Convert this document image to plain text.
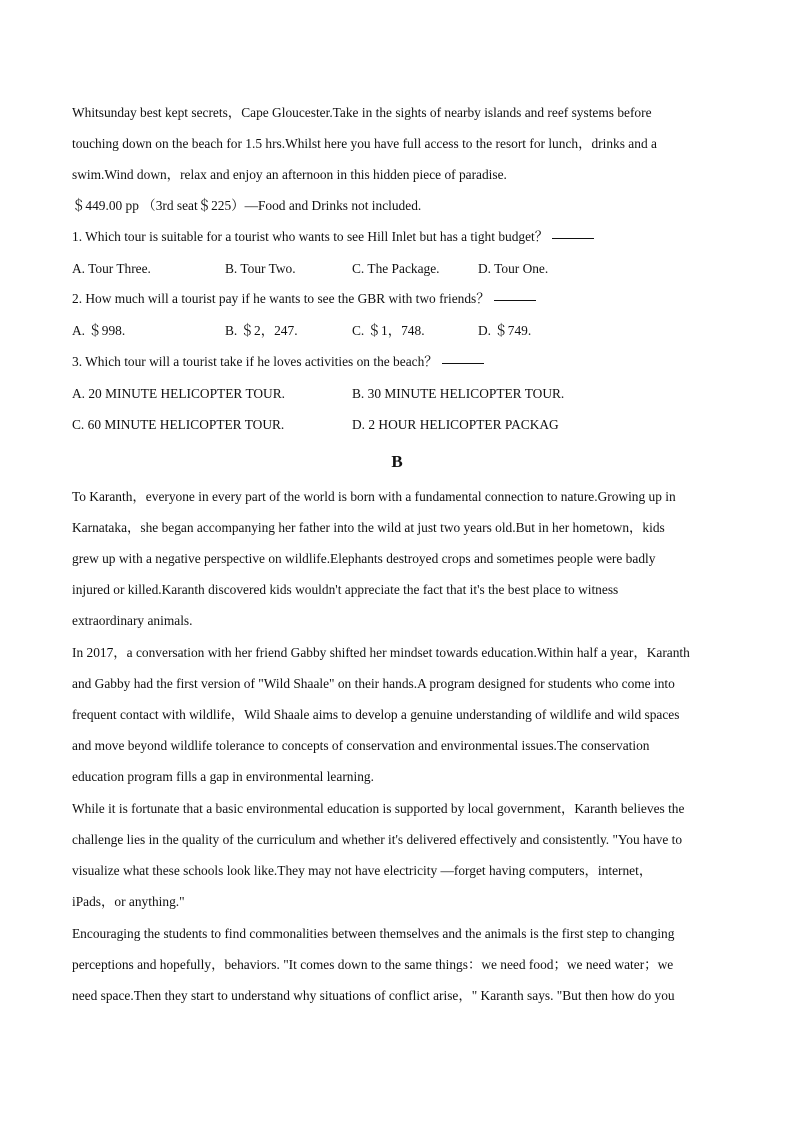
Whitsunday best kept secrets，Cape Gloucester.Take in the sights of nearby islands and reef systems before
touching down on the beach for 1.5 hrs.Whilst here you have full access to the resort for lunch，drinks and a
swim.Wind down，relax and enjoy an afternoon in this hidden piece of paradise.
＄449.00 pp （3rd seat＄225）—Food and Drinks not included.
1. Which tour is suitable for a tourist who wants to see Hill Inlet but has a tight budget？
A. Tour Three.	B. Tour Two.	C. The Package.	D. Tour One.
2. How much will a tourist pay if he wants to see the GBR with two friends？
A. ＄998.	B. ＄2，247.	C. ＄1，748.	D. ＄749.
3. Which tour will a tourist take if he loves activities on the beach？
A. 20 MINUTE HELICOPTER TOUR.	B. 30 MINUTE HELICOPTER TOUR.
C. 60 MINUTE HELICOPTER TOUR.	D. 2 HOUR HELICOPTER PACKAG
B
To Karanth，everyone in every part of the world is born with a fundamental connection to nature.Growing up in
Karnataka，she began accompanying her father into the wild at just two years old.But in her hometown，kids
grew up with a negative perspective on wildlife.Elephants destroyed crops and sometimes people were badly
injured or killed.Karanth discovered kids wouldn't appreciate the fact that it's the best place to witness
extraordinary animals.
In 2017，a conversation with her friend Gabby shifted her mindset towards education.Within half a year，Karanth
and Gabby had the first version of "Wild Shaale" on their hands.A program designed for students who come into
frequent contact with wildlife，Wild Shaale aims to develop a genuine understanding of wildlife and wild spaces
and move beyond wildlife tolerance to concepts of conservation and environmental issues.The conservation
education program fills a gap in environmental learning.
While it is fortunate that a basic environmental education is supported by local government，Karanth believes the
challenge lies in the quality of the curriculum and whether it's delivered effectively and consistently. "You have to
visualize what these schools look like.They may not have electricity —forget having computers，internet，
iPads，or anything."
Encouraging the students to find commonalities between themselves and the animals is the first step to changing
perceptions and hopefully，behaviors. "It comes down to the same things：we need food；we need water；we
need space.Then they start to understand why situations of conflict arise，" Karanth says. "But then how do you
